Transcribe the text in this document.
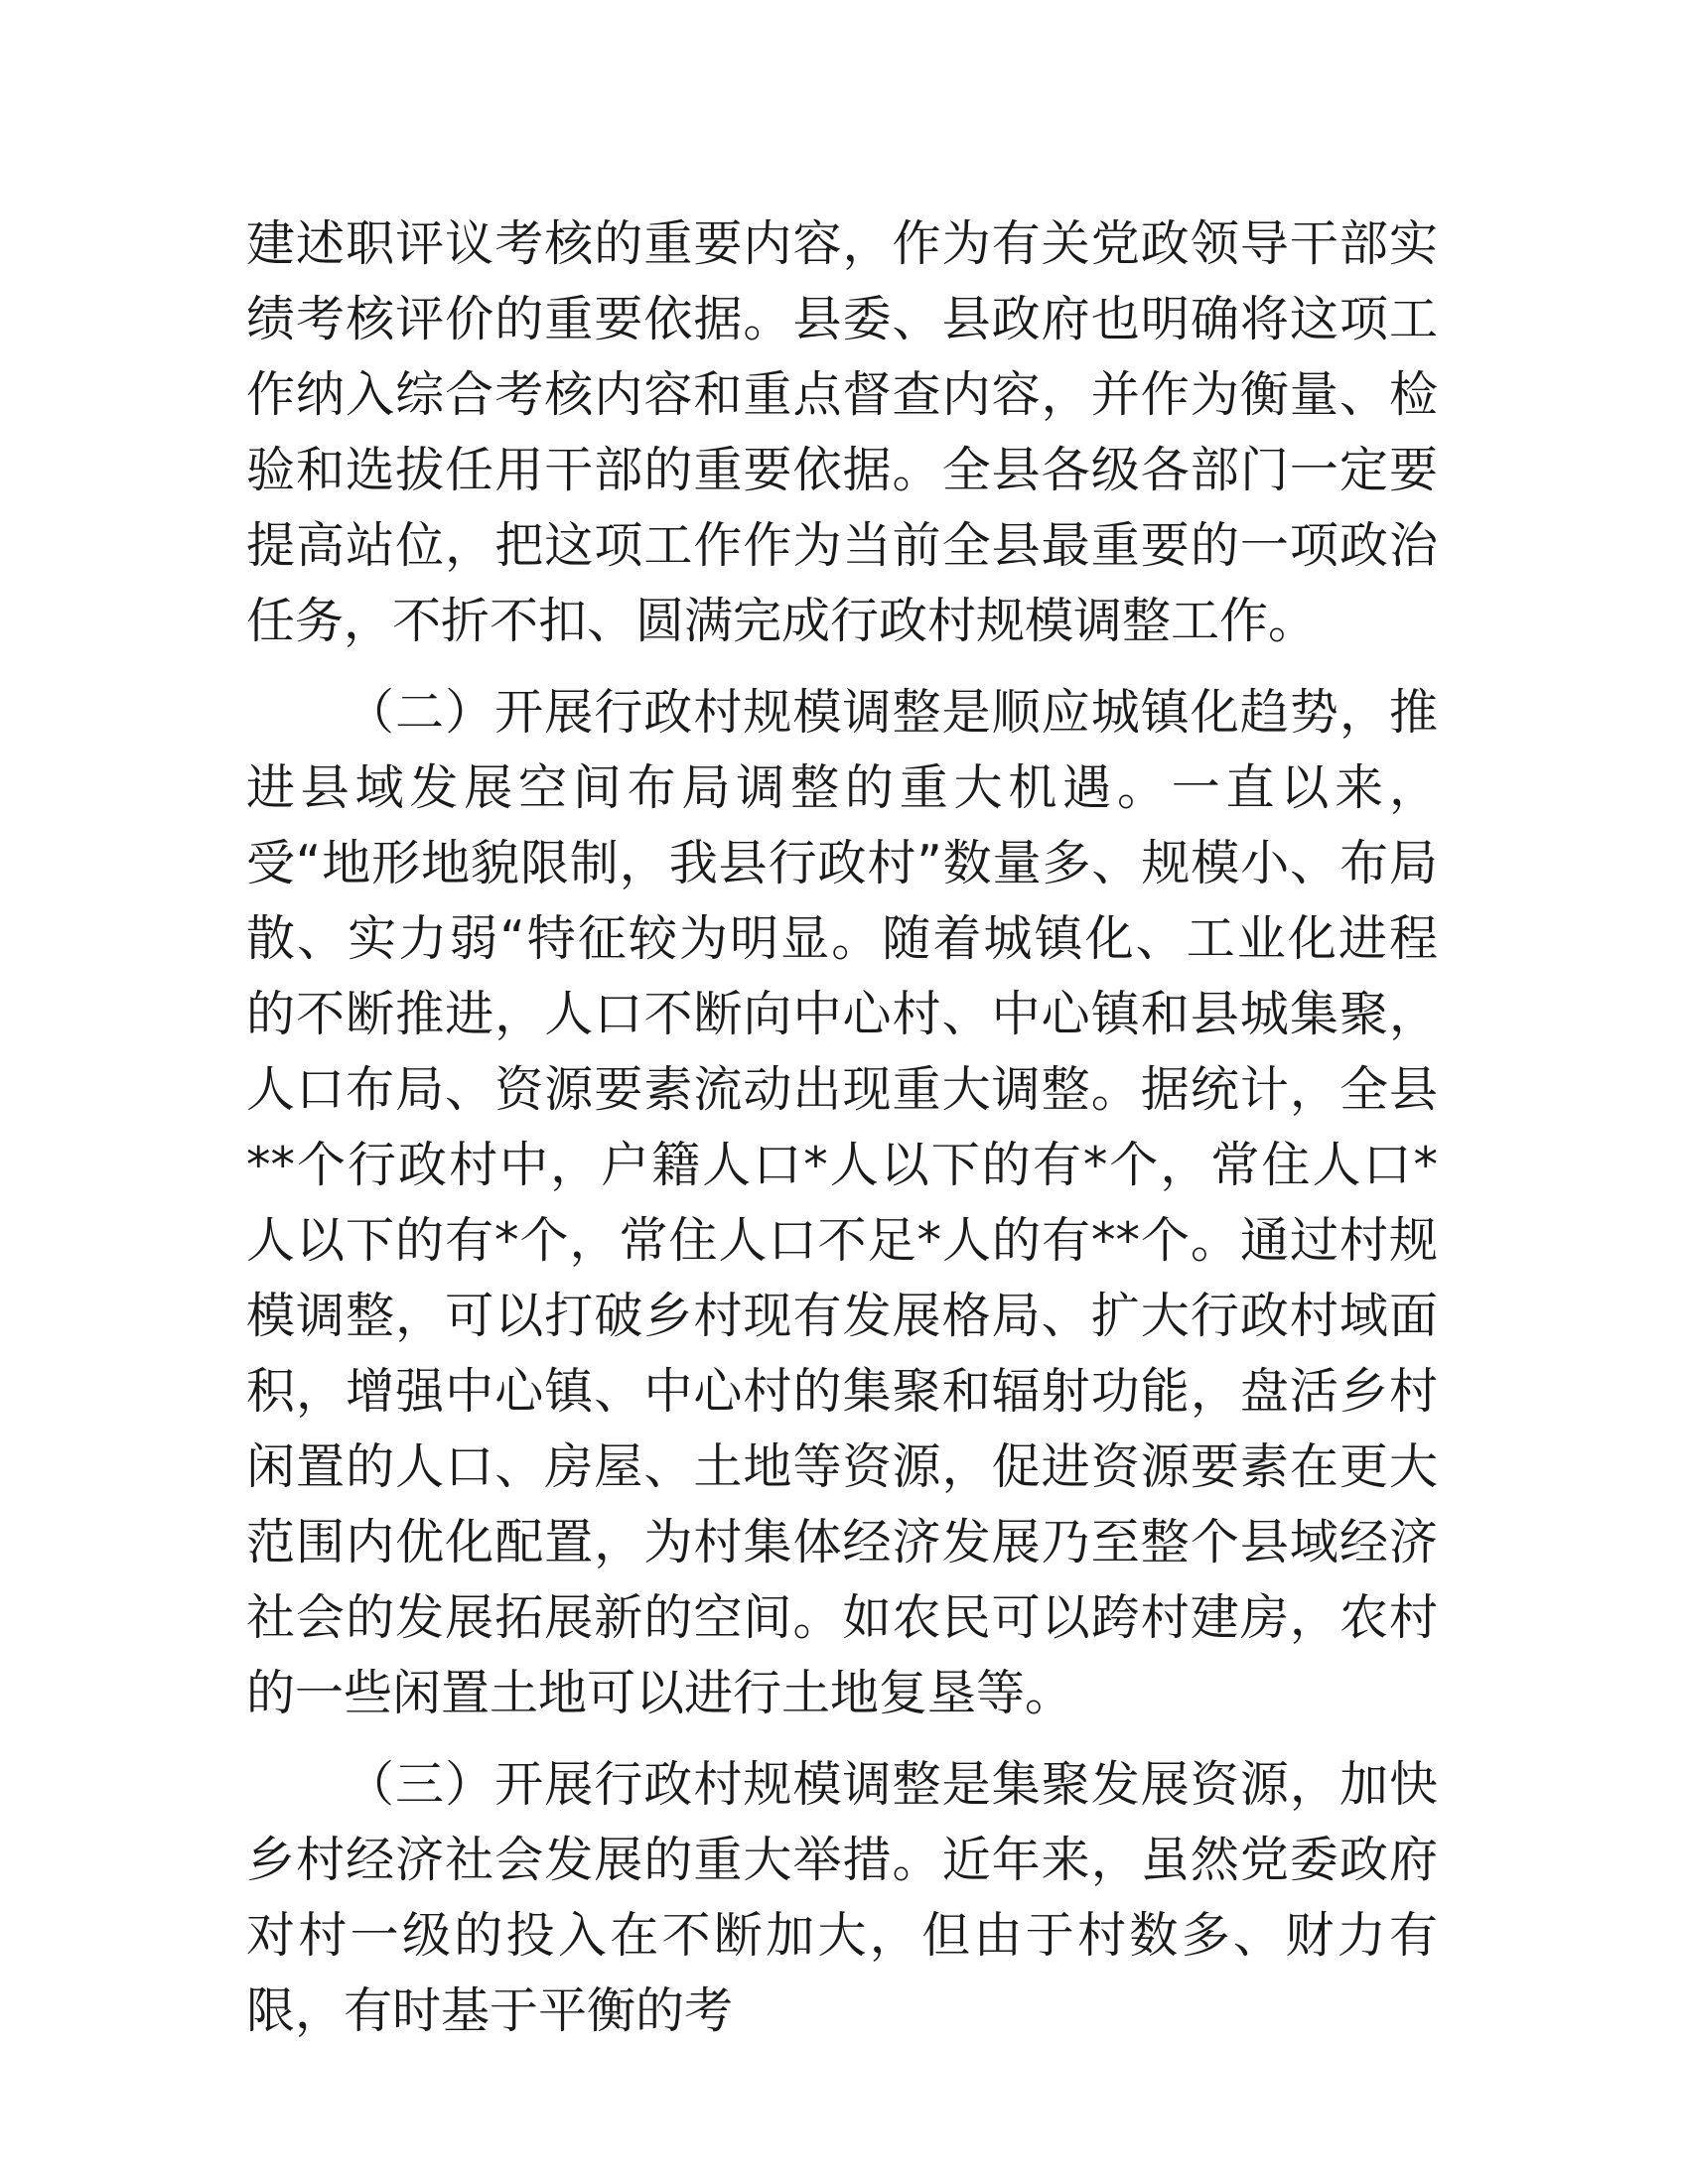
建述职评议考核的重要内容，作为有关党政领导干部实绩考核评价的重要依据。县委、县政府也明确将这项工作纳入综合考核内容和重点督查内容，并作为衡量、检验和选拔任用干部的重要依据。全县各级各部门一定要提高站位，把这项工作作为当前全县最重要的一项政治任务，不折不扣、圆满完成行政村规模调整工作。

（二）开展行政村规模调整是顺应城镇化趋势，推进县域发展空间布局调整的重大机遇。一直以来，受“地形地貌限制，我县行政村”数量多、规模小、布局散、实力弱“特征较为明显。随着城镇化、工业化进程的不断推进，人口不断向中心村、中心镇和县城集聚，人口布局、资源要素流动出现重大调整。据统计，全县**个行政村中，户籍人口*人以下的有*个，常住人口*人以下的有*个，常住人口不足*人的有**个。通过村规模调整，可以打破乡村现有发展格局、扩大行政村域面积，增强中心镇、中心村的集聚和辐射功能，盘活乡村闲置的人口、房屋、土地等资源，促进资源要素在更大范围内优化配置，为村集体经济发展乃至整个县域经济社会的发展拓展新的空间。如农民可以跨村建房，农村的一些闲置土地可以进行土地复垦等。

（三）开展行政村规模调整是集聚发展资源，加快乡村经济社会发展的重大举措。近年来，虽然党委政府对村一级的投入在不断加大，但由于村数多、财力有限，有时基于平衡的考
